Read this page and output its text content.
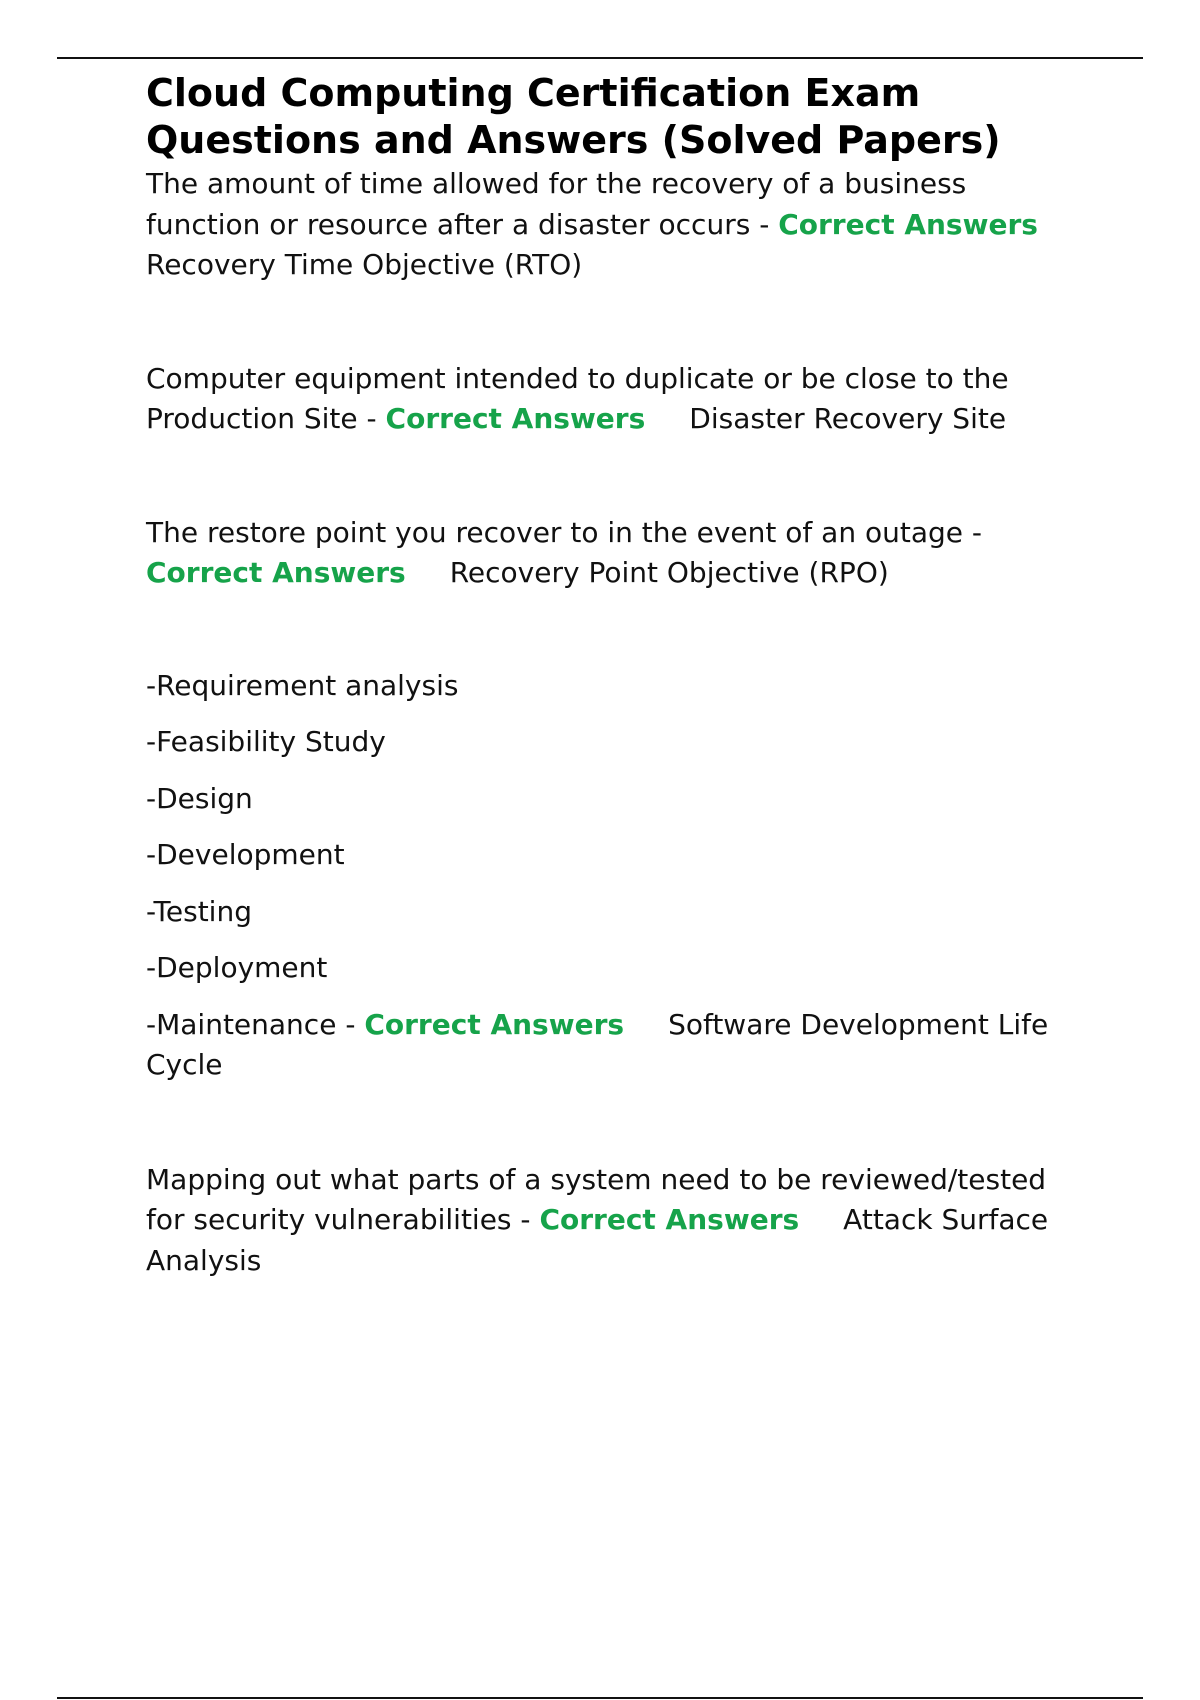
Cloud Computing Certification Exam Questions and Answers (Solved Papers)

The amount of time allowed for the recovery of a business function or resource after a disaster occurs - Correct AnswersRecovery Time Objective (RTO)

Computer equipment intended to duplicate or be close to the Production Site - Correct Answers Disaster Recovery Site

The restore point you recover to in the event of an outage - Correct Answers Recovery Point Objective (RPO)

-Requirement analysis
-Feasibility Study
-Design
-Development
-Testing
-Deployment
-Maintenance - Correct Answers Software Development Life Cycle

Mapping out what parts of a system need to be reviewed/tested for security vulnerabilities - Correct Answers Attack Surface Analysis
